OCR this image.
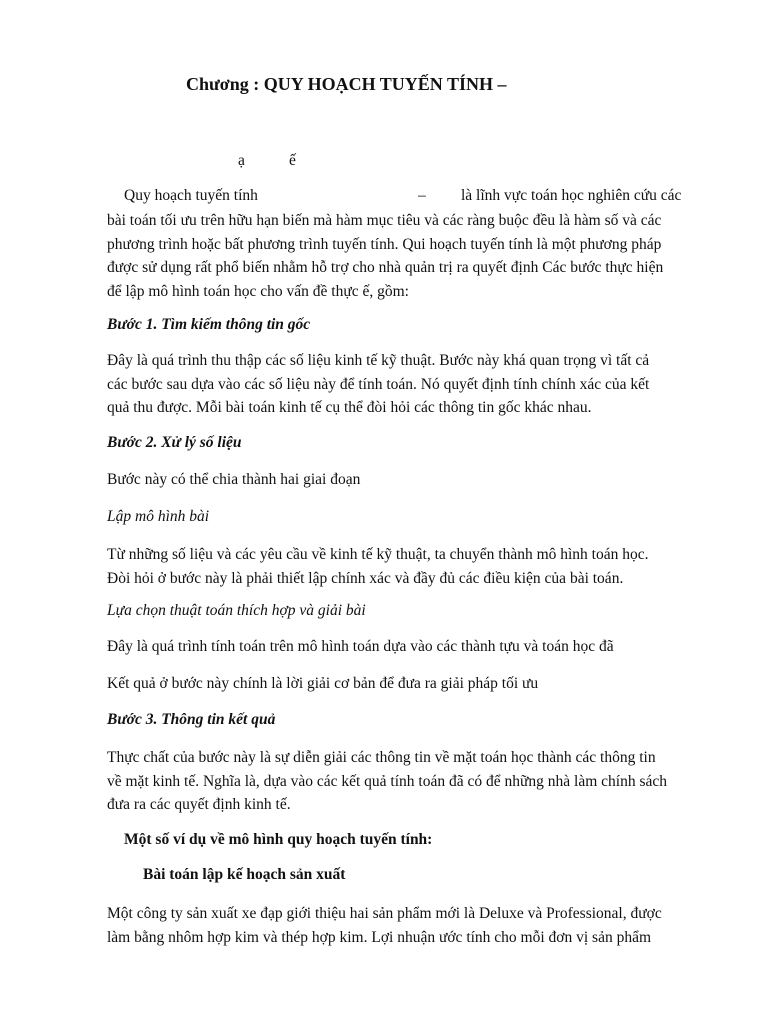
Chương : QUY HOẠCH TUYẾN TÍNH –
ạ	ế
Quy hoạch tuyến tính	– là lĩnh vực toán học nghiên cứu các
bài toán tối ưu trên hữu hạn biến mà hàm mục tiêu và các ràng buộc đều là hàm số và các
phương trình hoặc bất phương trình tuyến tính. Qui hoạch tuyến tính là một phương pháp
được sử dụng rất phổ biến nhằm hỗ trợ cho nhà quản trị ra quyết định Các bước thực hiện
để lập mô hình toán học cho vấn đề thực ế, gồm:
Bước 1. Tìm kiếm thông tin gốc
Đây là quá trình thu thập các số liệu kinh tế kỹ thuật. Bước này khá quan trọng vì tất cả
các bước sau dựa vào các số liệu này để tính toán. Nó quyết định tính chính xác của kết
quả thu được. Mỗi bài toán kinh tế cụ thể đòi hỏi các thông tin gốc khác nhau.
Bước 2. Xử lý số liệu

Bước này có thể chia thành hai giai đoạn

Lập mô hình bài

Từ những số liệu và các yêu cầu về kinh tế kỹ thuật, ta chuyển thành mô hình toán học.
Đòi hỏi ở bước này là phải thiết lập chính xác và đầy đủ các điều kiện của bài toán.

Lựa chọn thuật toán thích hợp và giải bài

Đây là quá trình tính toán trên mô hình toán dựa vào các thành tựu và toán học đã

Kết quả ở bước này chính là lời giải cơ bản để đưa ra giải pháp tối ưu

Bước 3. Thông tin kết quả
Thực chất của bước này là sự diễn giải các thông tin về mặt toán học thành các thông tin
về mặt kinh tế. Nghĩa là, dựa vào các kết quả tính toán đã có để những nhà làm chính sách
đưa ra các quyết định kinh tế.
Một số ví dụ về mô hình quy hoạch tuyến tính:
Bài toán lập kế hoạch sản xuất
Một công ty sản xuất xe đạp giới thiệu hai sản phẩm mới là Deluxe và Professional, được
làm bằng nhôm hợp kim và thép hợp kim. Lợi nhuận ước tính cho mỗi đơn vị sản phẩm
